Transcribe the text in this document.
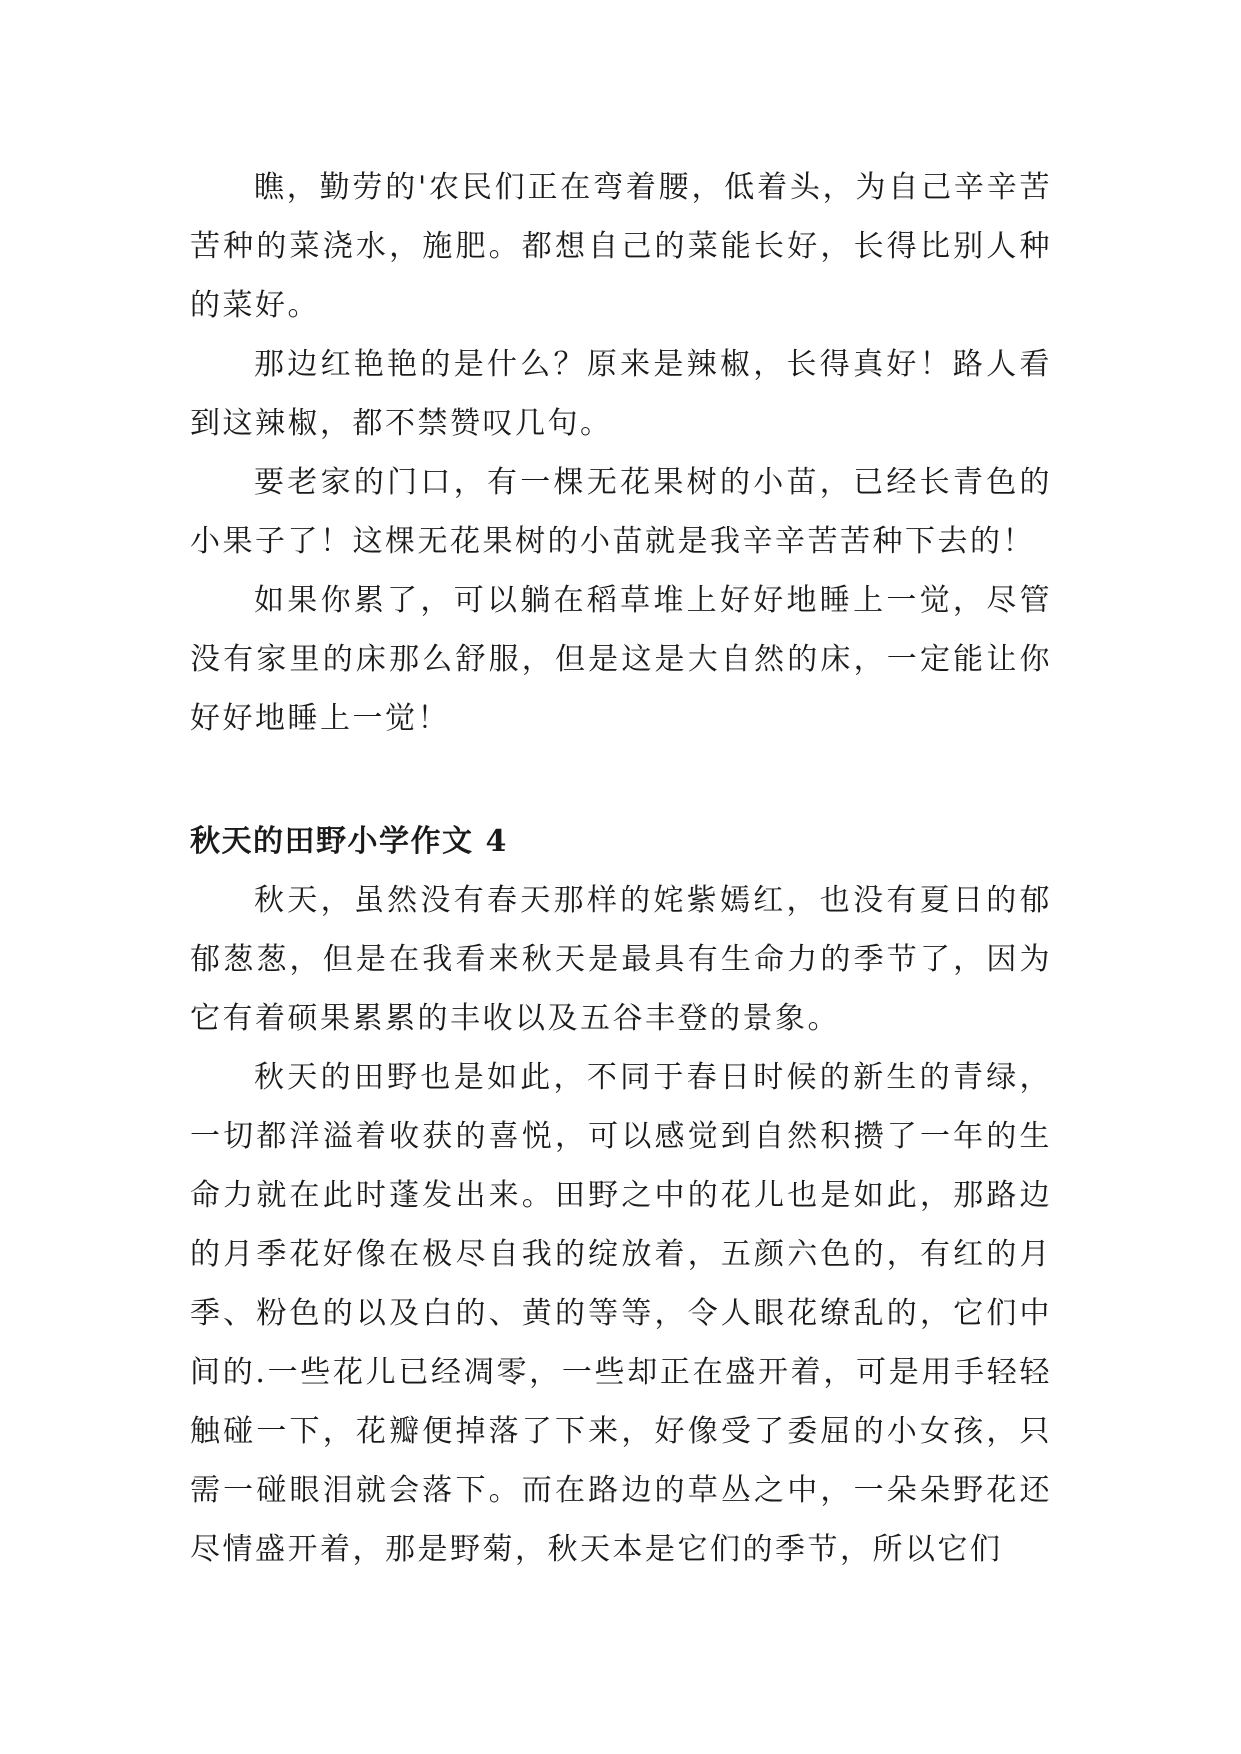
瞧，勤劳的'农民们正在弯着腰，低着头，为自己辛辛苦苦种的菜浇水，施肥。都想自己的菜能长好，长得比别人种的菜好。

那边红艳艳的是什么？原来是辣椒，长得真好！路人看到这辣椒，都不禁赞叹几句。

要老家的门口，有一棵无花果树的小苗，已经长青色的小果子了！这棵无花果树的小苗就是我辛辛苦苦种下去的！

如果你累了，可以躺在稻草堆上好好地睡上一觉，尽管没有家里的床那么舒服，但是这是大自然的床，一定能让你好好地睡上一觉！

秋天的田野小学作文 4

秋天，虽然没有春天那样的姹紫嫣红，也没有夏日的郁郁葱葱，但是在我看来秋天是最具有生命力的季节了，因为它有着硕果累累的丰收以及五谷丰登的景象。

秋天的田野也是如此，不同于春日时候的新生的青绿，一切都洋溢着收获的喜悦，可以感觉到自然积攒了一年的生命力就在此时蓬发出来。田野之中的花儿也是如此，那路边的月季花好像在极尽自我的绽放着，五颜六色的，有红的月季、粉色的以及白的、黄的等等，令人眼花缭乱的，它们中间的.一些花儿已经凋零，一些却正在盛开着，可是用手轻轻触碰一下，花瓣便掉落了下来，好像受了委屈的小女孩，只需一碰眼泪就会落下。而在路边的草丛之中，一朵朵野花还尽情盛开着，那是野菊，秋天本是它们的季节，所以它们
